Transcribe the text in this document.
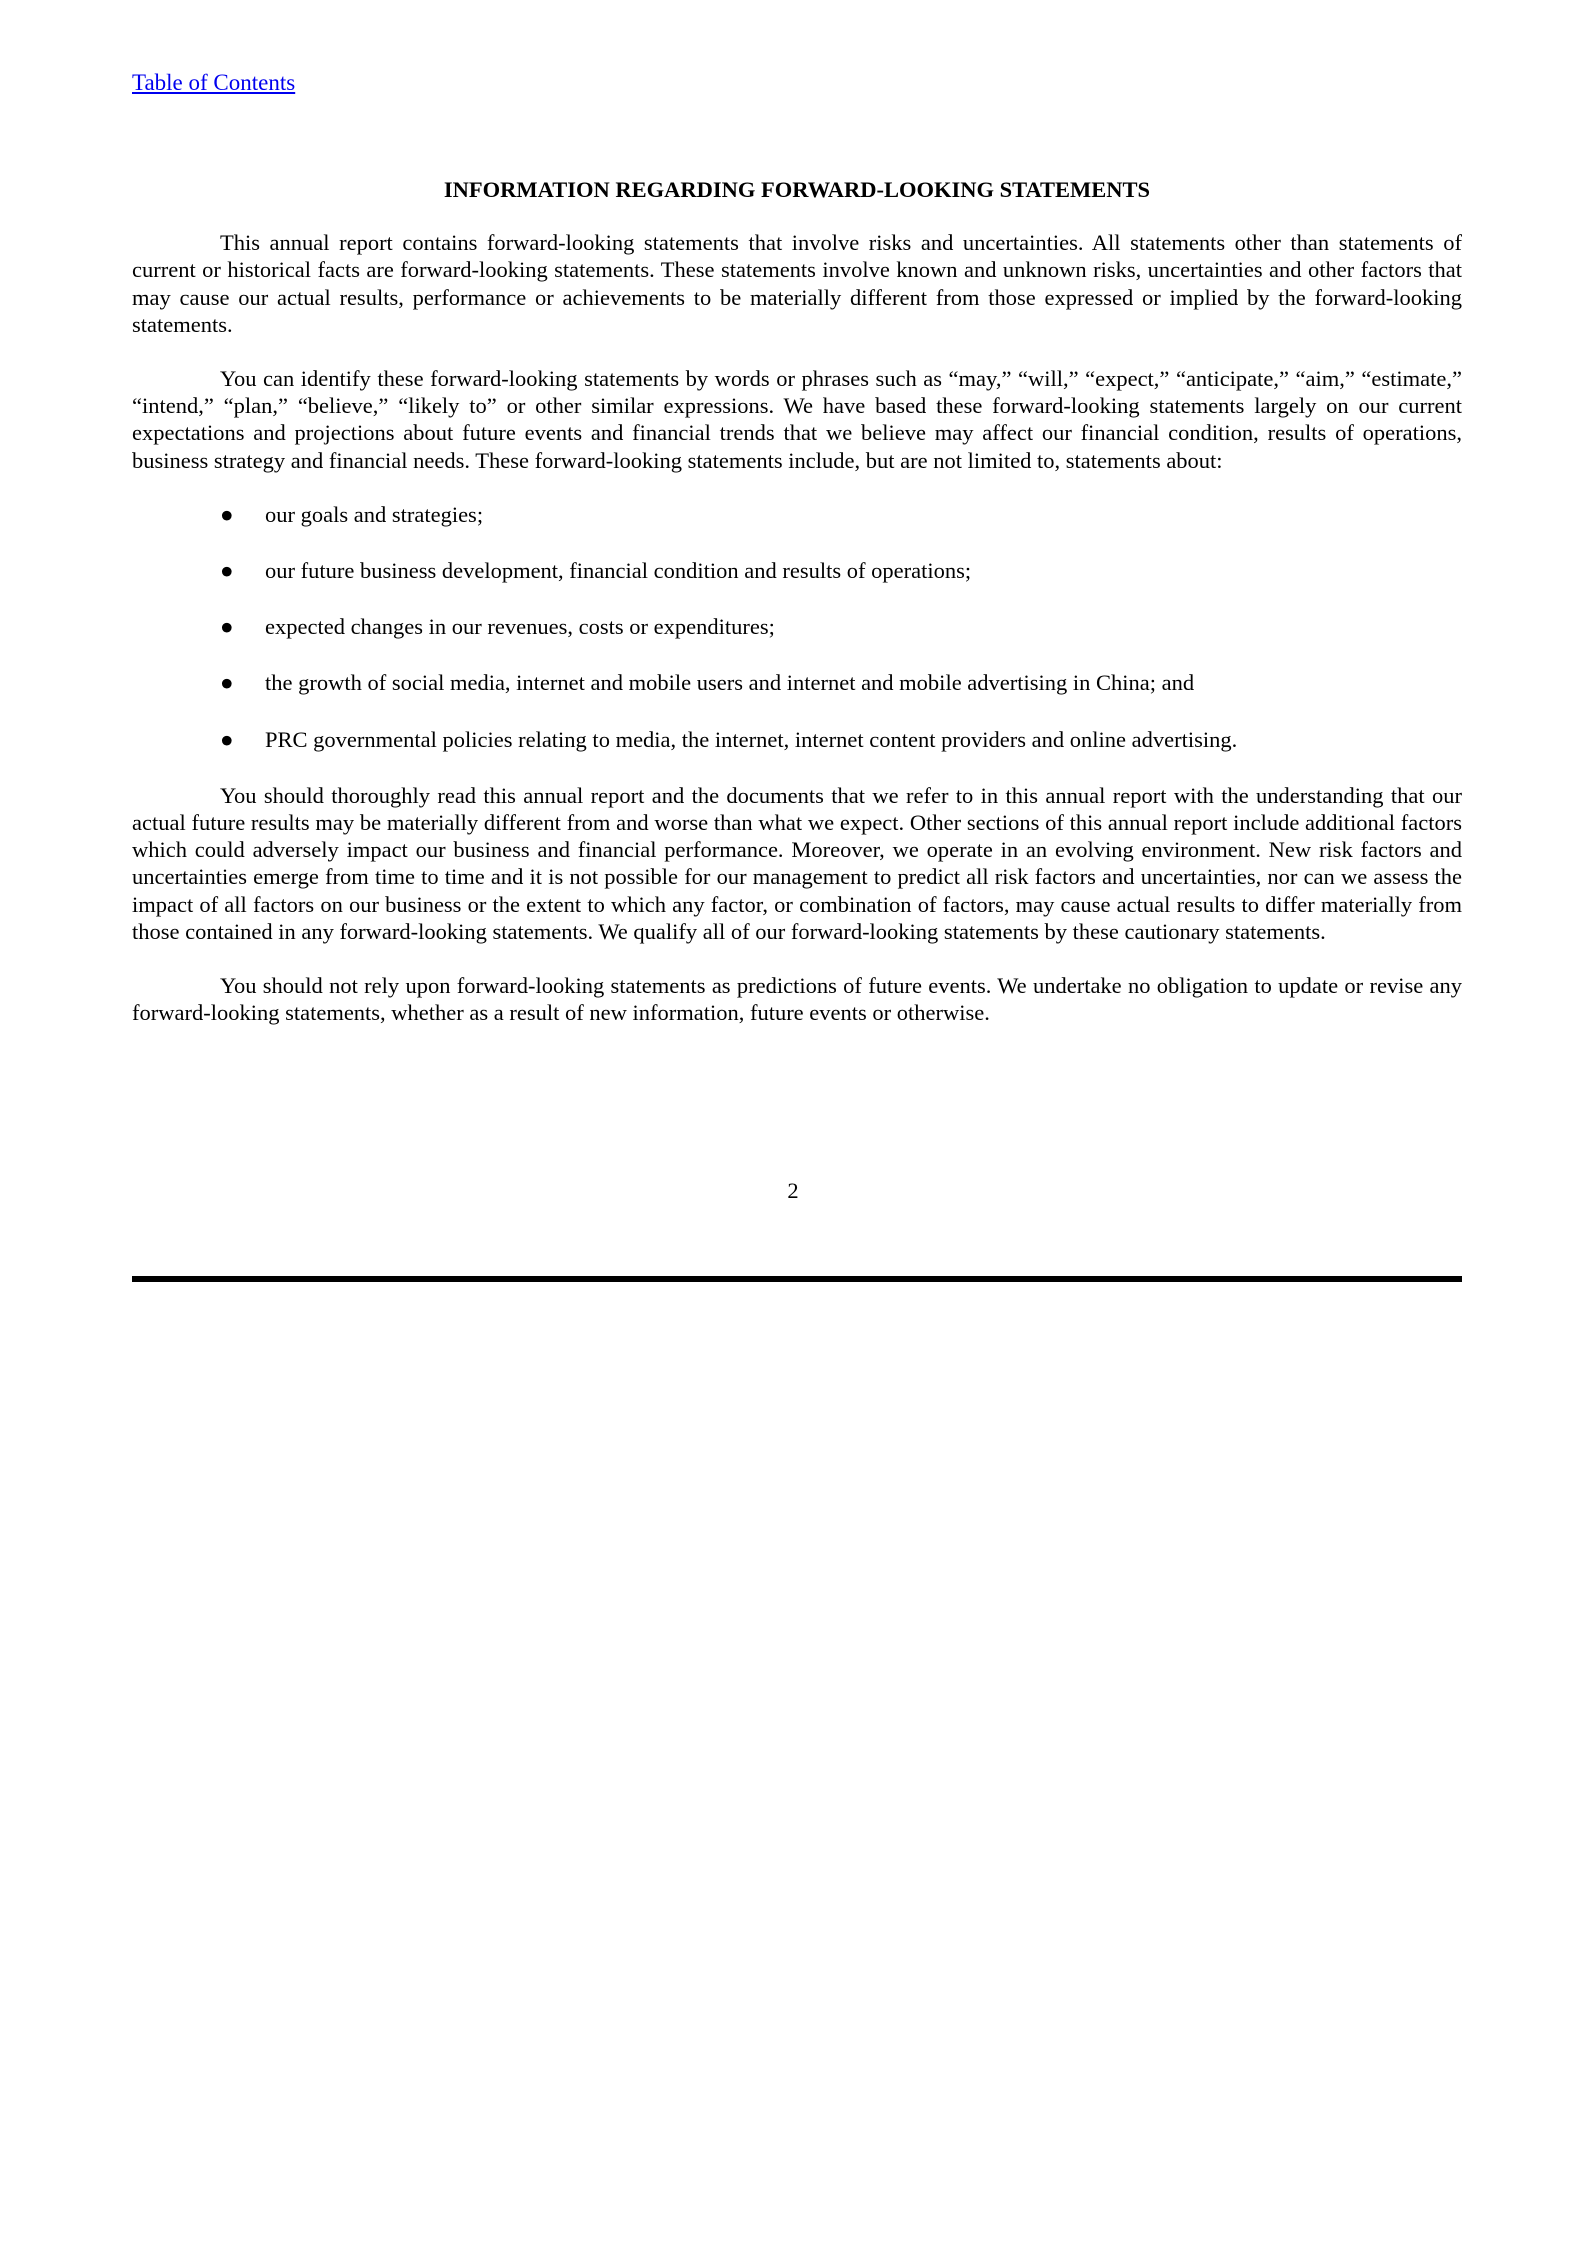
Table of Contents
INFORMATION REGARDING FORWARD-LOOKING STATEMENTS

This annual report contains forward-looking statements that involve risks and uncertainties. All statements other than statements of current or historical facts are forward-looking statements. These statements involve known and unknown risks, uncertainties and other factors that may cause our actual results, performance or achievements to be materially different from those expressed or implied by the forward-looking statements.

You can identify these forward-looking statements by words or phrases such as “may,” “will,” “expect,” “anticipate,” “aim,” “estimate,” “intend,” “plan,” “believe,” “likely to” or other similar expressions. We have based these forward-looking statements largely on our current expectations and projections about future events and financial trends that we believe may affect our financial condition, results of operations, business strategy and financial needs. These forward-looking statements include, but are not limited to, statements about:

● our goals and strategies;
● our future business development, financial condition and results of operations;
● expected changes in our revenues, costs or expenditures;
● the growth of social media, internet and mobile users and internet and mobile advertising in China; and
● PRC governmental policies relating to media, the internet, internet content providers and online advertising.

You should thoroughly read this annual report and the documents that we refer to in this annual report with the understanding that our actual future results may be materially different from and worse than what we expect. Other sections of this annual report include additional factors which could adversely impact our business and financial performance. Moreover, we operate in an evolving environment. New risk factors and uncertainties emerge from time to time and it is not possible for our management to predict all risk factors and uncertainties, nor can we assess the impact of all factors on our business or the extent to which any factor, or combination of factors, may cause actual results to differ materially from those contained in any forward-looking statements. We qualify all of our forward-looking statements by these cautionary statements.

You should not rely upon forward-looking statements as predictions of future events. We undertake no obligation to update or revise any forward-looking statements, whether as a result of new information, future events or otherwise.

2
